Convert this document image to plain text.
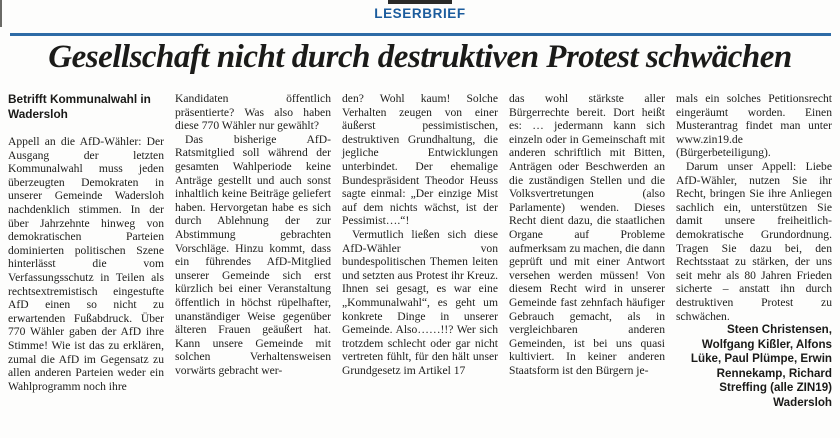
LESERBRIEF
Gesellschaft nicht durch destruktiven Protest schwächen

Betrifft Kommunalwahl in Wadersloh

Appell an die AfD-Wähler: Der Ausgang der letzten Kommunalwahl muss jeden überzeugten Demokraten in unserer Gemeinde Wadersloh nachdenklich stimmen. In der über Jahrzehnte hinweg von demokratischen Parteien dominierten politischen Szene hinterlässt die vom Verfassungsschutz in Teilen als rechtsextremistisch eingestufte AfD einen so nicht zu erwartenden Fußabdruck. Über 770 Wähler gaben der AfD ihre Stimme! Wie ist das zu erklären, zumal die AfD im Gegensatz zu allen anderen Parteien weder ein Wahlprogramm noch ihre

Kandidaten öffentlich präsentierte? Was also haben diese 770 Wähler nur gewählt?

Das bisherige AfD-Ratsmitglied soll während der gesamten Wahlperiode keine Anträge gestellt und auch sonst inhaltlich keine Beiträge geliefert haben. Hervorgetan habe es sich durch Ablehnung der zur Abstimmung gebrachten Vorschläge. Hinzu kommt, dass ein führendes AfD-Mitglied unserer Gemeinde sich erst kürzlich bei einer Veranstaltung öffentlich in höchst rüpelhafter, unanständiger Weise gegenüber älteren Frauen geäußert hat. Kann unsere Gemeinde mit solchen Verhaltensweisen vorwärts gebracht wer-

den? Wohl kaum! Solche Verhalten zeugen von einer äußerst pessimistischen, destruktiven Grundhaltung, die jegliche Entwicklungen unterbindet. Der ehemalige Bundespräsident Theodor Heuss sagte einmal: „Der einzige Mist auf dem nichts wächst, ist der Pessimist….“!

Vermutlich ließen sich diese AfD-Wähler von bundespolitischen Themen leiten und setzten aus Protest ihr Kreuz. Ihnen sei gesagt, es war eine „Kommunalwahl“, es geht um konkrete Dinge in unserer Gemeinde. Also……!!? Wer sich trotzdem schlecht oder gar nicht vertreten fühlt, für den hält unser Grundgesetz im Artikel 17

das wohl stärkste aller Bürgerrechte bereit. Dort heißt es: … jedermann kann sich einzeln oder in Gemeinschaft mit anderen schriftlich mit Bitten, Anträgen oder Beschwerden an die zuständigen Stellen und die Volksvertretungen (also Parlamente) wenden. Dieses Recht dient dazu, die staatlichen Organe auf Probleme aufmerksam zu machen, die dann geprüft und mit einer Antwort versehen werden müssen! Von diesem Recht wird in unserer Gemeinde fast zehnfach häufiger Gebrauch gemacht, als in vergleichbaren anderen Gemeinden, ist bei uns quasi kultiviert. In keiner anderen Staatsform ist den Bürgern je-

mals ein solches Petitionsrecht eingeräumt worden. Einen Musterantrag findet man unter www.zin19.de (Bürgerbeteiligung).

Darum unser Appell: Liebe AfD-Wähler, nutzen Sie ihr Recht, bringen Sie ihre Anliegen sachlich ein, unterstützen Sie damit unsere freiheitlich-demokratische Grundordnung. Tragen Sie dazu bei, den Rechtsstaat zu stärken, der uns seit mehr als 80 Jahren Frieden sicherte – anstatt ihn durch destruktiven Protest zu schwächen.

Steen Christensen, Wolfgang Kißler, Alfons Lüke, Paul Plümpe, Erwin Rennekamp, Richard Streffing (alle ZIN19)

Wadersloh
